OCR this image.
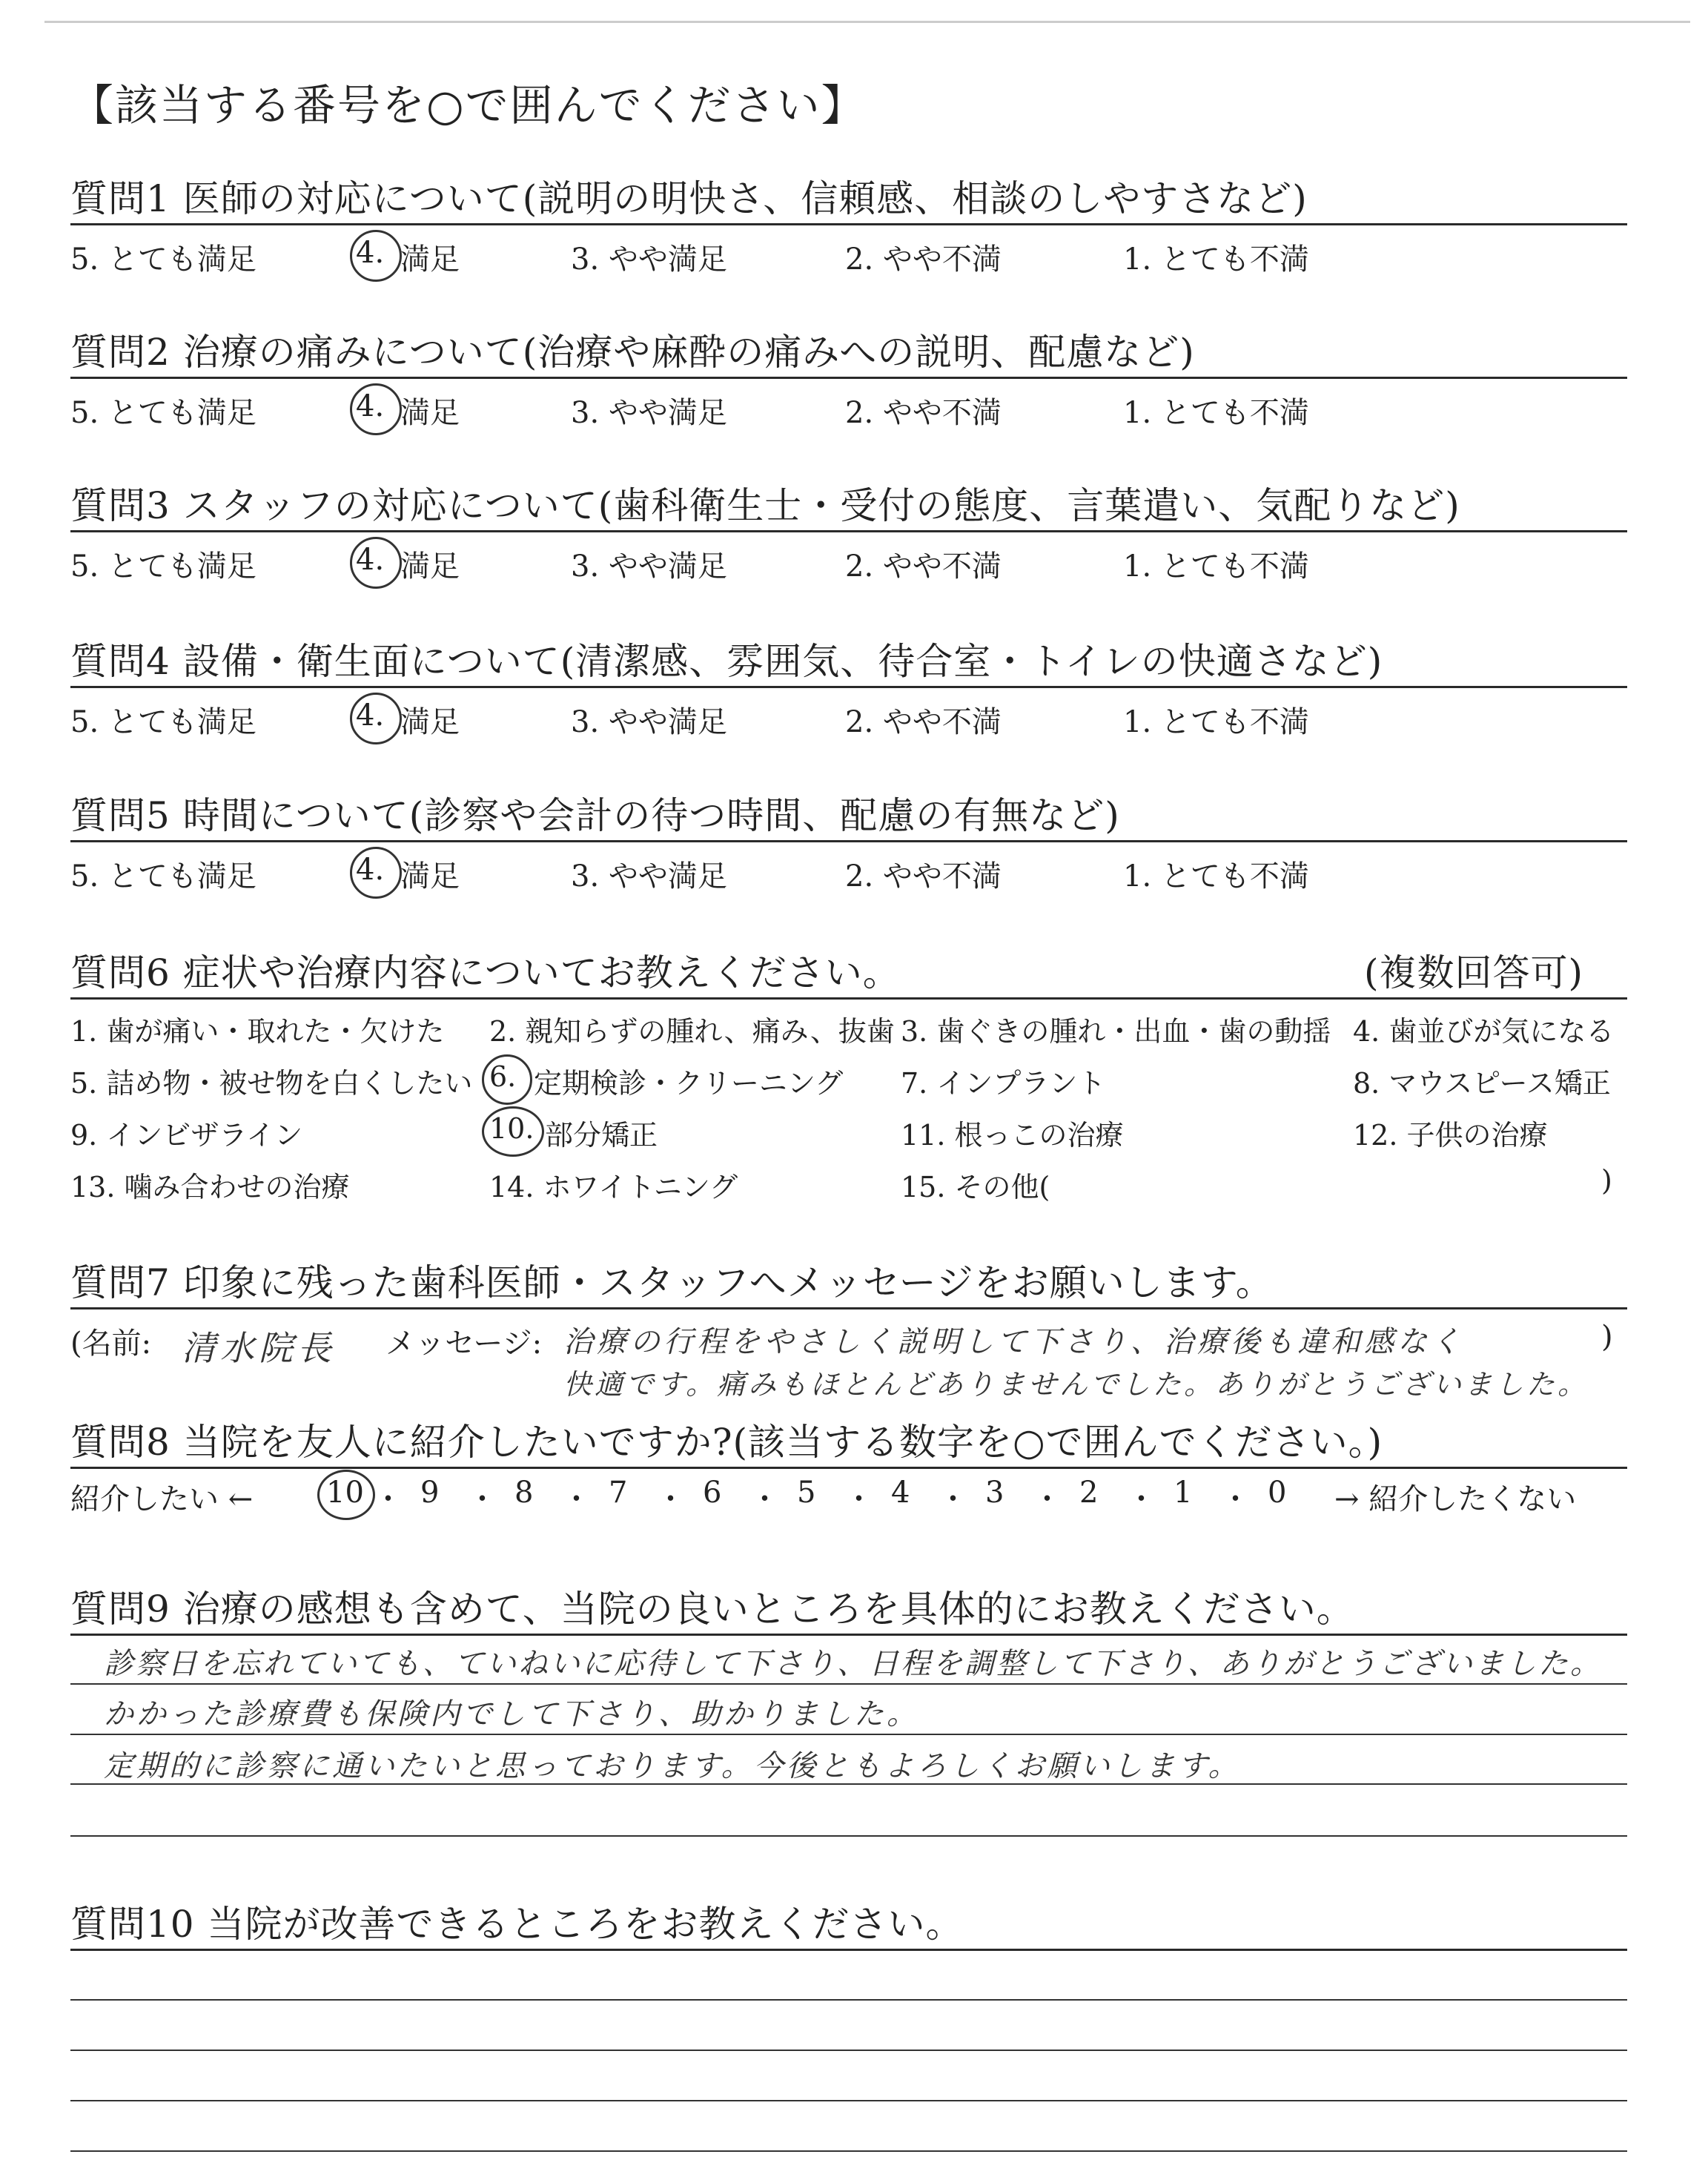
【該当する番号を○で囲んでください】
質問1 医師の対応について(説明の明快さ、信頼感、相談のしやすさなど)
5. とても満足	4. 満足	3. やや満足	2. やや不満	1. とても不満
質問2 治療の痛みについて(治療や麻酔の痛みへの説明、配慮など)
5. とても満足	4. 満足	3. やや満足	2. やや不満	1. とても不満
質問3 スタッフの対応について(歯科衛生士・受付の態度、言葉遣い、気配りなど)
5. とても満足	4. 満足	3. やや満足	2. やや不満	1. とても不満
質問4 設備・衛生面について(清潔感、雰囲気、待合室・トイレの快適さなど)
5. とても満足	4. 満足	3. やや満足	2. やや不満	1. とても不満
質問5 時間について(診察や会計の待つ時間、配慮の有無など)
5. とても満足	4. 満足	3. やや満足	2. やや不満	1. とても不満
質問6 症状や治療内容についてお教えください。	(複数回答可)
1. 歯が痛い・取れた・欠けた 2. 親知らずの腫れ、痛み、抜歯 3. 歯ぐきの腫れ・出血・歯の動揺 4. 歯並びが気になる
5. 詰め物・被せ物を白くしたい 6. 定期検診・クリーニング 7. インプラント	8. マウスピース矯正
9. インビザライン	10. 部分矯正	11. 根っこの治療	12. 子供の治療
13. 噛み合わせの治療	14. ホワイトニング	15. その他(	)
質問7 印象に残った歯科医師・スタッフへメッセージをお願いします。
(名前: 清水院長 メッセージ: 治療の行程をやさしく説明して下さり、治療後も違和感なく	)
快適です。痛みもほとんどありませんでした。ありがとうございました。
質問8 当院を友人に紹介したいですか?(該当する数字を○で囲んでください。)
紹介したい ← 10 ・ 9 ・ 8 ・ 7 ・ 6 ・ 5 ・ 4 ・ 3 ・ 2 ・ 1 ・ 0 → 紹介したくない
質問9 治療の感想も含めて、当院の良いところを具体的にお教えください。
診察日を忘れていても、ていねいに応待して下さり、日程を調整して下さり、ありがとうございました。
かかった診療費も保険内でして下さり、助かりました。
定期的に診察に通いたいと思っております。今後ともよろしくお願いします。
質問10 当院が改善できるところをお教えください。
